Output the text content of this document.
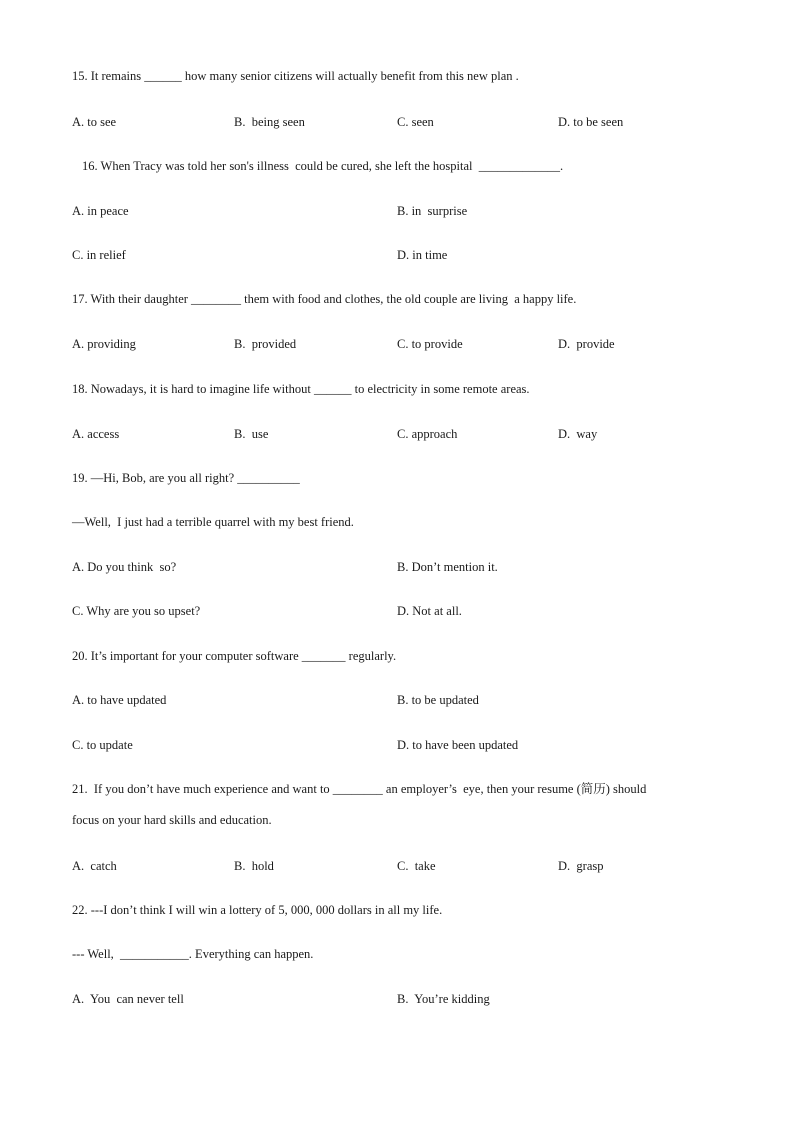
15. It remains ______ how many senior citizens will actually benefit from this new plan .
A. to see	B.  being seen	C. seen	D. to be seen
16. When Tracy was told her son's illness  could be cured, she left the hospital  _____________.
A. in peace	B. in  surprise
C. in relief	D. in time
17. With their daughter ________ them with food and clothes, the old couple are living  a happy life.
A. providing	B.  provided	C. to provide	D.  provide
18. Nowadays, it is hard to imagine life without ______ to electricity in some remote areas.
A. access	B.  use	C. approach	D.  way
19. —Hi, Bob, are you all right? __________
—Well,  I just had a terrible quarrel with my best friend.
A. Do you think  so?	B. Don’t mention it.
C. Why are you so upset?	D. Not at all.
20. It’s important for your computer software _______ regularly.
A. to have updated	B. to be updated
C. to update	D. to have been updated
21.  If you don’t have much experience and want to ________ an employer’s  eye, then your resume (简历) should
focus on your hard skills and education.
A.  catch	B.  hold	C.  take	D.  grasp
22. ---I don’t think I will win a lottery of 5, 000, 000 dollars in all my life.
--- Well,  ___________. Everything can happen.
A.  You  can never tell	B.  You’re kidding
